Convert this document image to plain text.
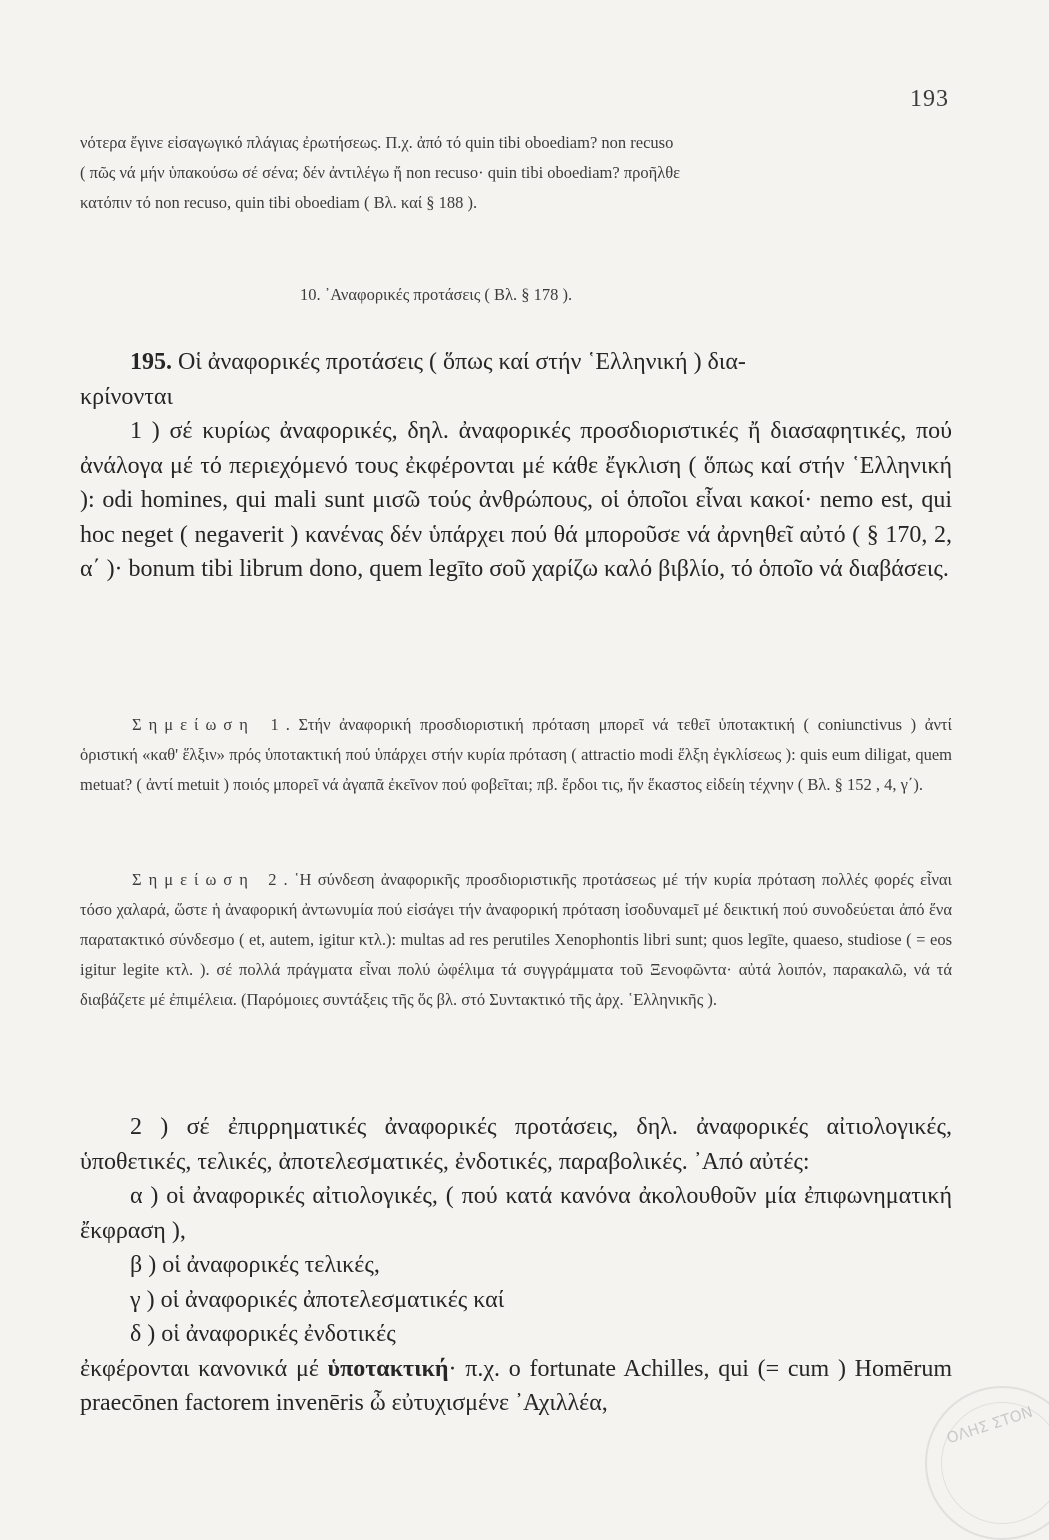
193

νότερα ἔγινε εἰσαγωγικό πλάγιας ἐρωτήσεως. Π.χ. ἀπό τό quin tibi oboediam? non recuso

( πῶς νά μήν ὑπακούσω σέ σένα; δέν ἀντιλέγω ἤ non recuso· quin tibi oboediam? προῆλθε

κατόπιν τό non recuso, quin tibi oboediam ( Βλ. καί § 188 ).

10. ᾿Αναφορικές προτάσεις ( Βλ. § 178 ).

195. Οἱ ἀναφορικές προτάσεις ( ὅπως καί στήν ῾Ελληνική ) δια-

κρίνονται

1 ) σέ κυρίως ἀναφορικές, δηλ. ἀναφορικές προσδιοριστικές ἤ διασαφητικές, πού ἀνάλογα μέ τό περιεχόμενό τους ἐκφέρονται μέ κάθε ἔγκλιση ( ὅπως καί στήν ῾Ελληνική ): odi homines, qui mali sunt μισῶ τούς ἀνθρώπους, οἱ ὁποῖοι εἶναι κακοί· nemo est, qui hoc neget ( negaverit ) κανένας δέν ὑπάρχει πού θά μποροῦσε νά ἀρνηθεῖ αὐτό ( § 170, 2, α΄ )· bonum tibi librum dono, quem legīto σοῦ χαρίζω καλό βιβλίο, τό ὁποῖο νά διαβάσεις.

Σημείωση 1. Στήν ἀναφορική προσδιοριστική πρόταση μπορεῖ νά τεθεῖ ὑποτακτική ( coniunctivus ) ἀντί ὁριστική «καθ' ἕλξιν» πρός ὑποτακτική πού ὑπάρχει στήν κυρία πρόταση ( attractio modi ἕλξη ἐγκλίσεως ): quis eum diligat, quem metuat? ( ἀντί metuit ) ποιός μπορεῖ νά ἀγαπᾶ ἐκεῖνον πού φοβεῖται; πβ. ἔρδοι τις, ἥν ἕκαστος εἰδείη τέχνην ( Βλ. § 152 , 4, γ΄).

Σημείωση 2. ῾Η σύνδεση ἀναφορικῆς προσδιοριστικῆς προτάσεως μέ τήν κυρία πρόταση πολλές φορές εἶναι τόσο χαλαρά, ὥστε ἡ ἀναφορική ἀντωνυμία πού εἰσάγει τήν ἀναφορική πρόταση ἰσοδυναμεῖ μέ δεικτική πού συνοδεύεται ἀπό ἕνα παρατακτικό σύνδεσμο ( et, autem, igitur κτλ.): multas ad res perutiles Xenophontis libri sunt; quos legīte, quaeso, studiose ( = eos igitur legite κτλ. ). σέ πολλά πράγματα εἶναι πολύ ὠφέλιμα τά συγγράμματα τοῦ Ξενοφῶντα· αὐτά λοιπόν, παρακαλῶ, νά τά διαβάζετε μέ ἐπιμέλεια. (Παρόμοιες συντάξεις τῆς ὅς βλ. στό Συντακτικό τῆς ἀρχ. ῾Ελληνικῆς ).

2 ) σέ ἐπιρρηματικές ἀναφορικές προτάσεις, δηλ. ἀναφορικές αἰτιολογικές, ὑποθετικές, τελικές, ἀποτελεσματικές, ἐνδοτικές, παραβολικές. ᾿Από αὐτές:

α ) οἱ ἀναφορικές αἰτιολογικές, ( πού κατά κανόνα ἀκολουθοῦν μία ἐπιφωνηματική ἔκφραση ),

β ) οἱ ἀναφορικές τελικές,

γ ) οἱ ἀναφορικές ἀποτελεσματικές καί

δ ) οἱ ἀναφορικές ἐνδοτικές

ἐκφέρονται κανονικά μέ ὑποτακτική· π.χ. o fortunate Achilles, qui (= cum ) Homērum praecōnen factorem invenēris ὦ εὐτυχισμένε ᾿Αχιλλέα,	ΟΛΗΣ ΣΤΟΝ
